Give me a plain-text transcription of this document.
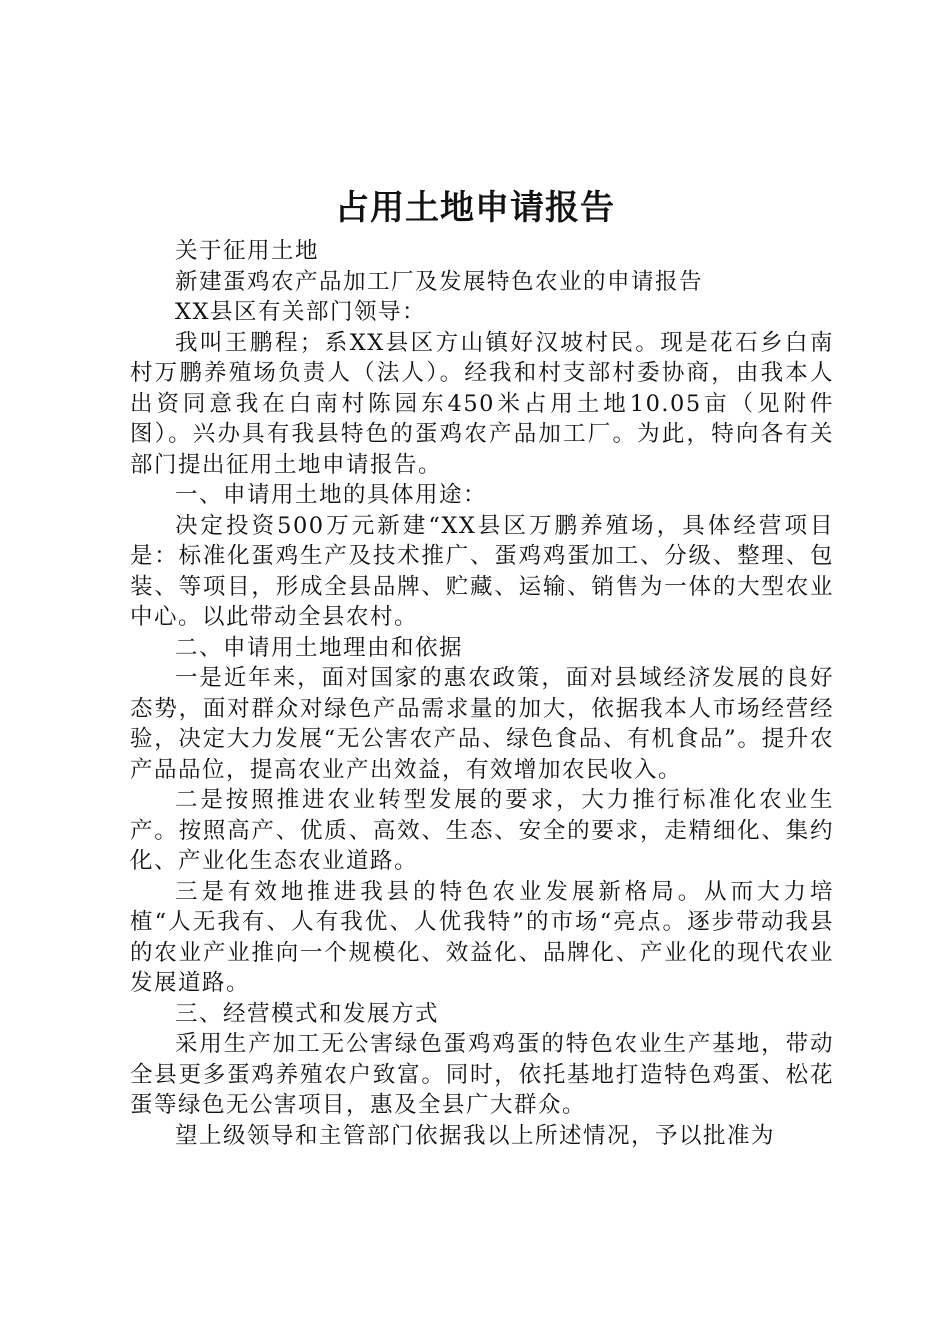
占用土地申请报告

关于征用土地

新建蛋鸡农产品加工厂及发展特色农业的申请报告

XX县区有关部门领导：

我叫王鹏程；系XX县区方山镇好汉坡村民。现是花石乡白南村万鹏养殖场负责人（法人）。经我和村支部村委协商，由我本人出资同意我在白南村陈园东450米占用土地10.05亩（见附件图）。兴办具有我县特色的蛋鸡农产品加工厂。为此，特向各有关部门提出征用土地申请报告。

一、申请用土地的具体用途：

决定投资500万元新建“XX县区万鹏养殖场，具体经营项目是：标准化蛋鸡生产及技术推广、蛋鸡鸡蛋加工、分级、整理、包装、等项目，形成全县品牌、贮藏、运输、销售为一体的大型农业中心。以此带动全县农村。

二、申请用土地理由和依据

一是近年来，面对国家的惠农政策，面对县域经济发展的良好态势，面对群众对绿色产品需求量的加大，依据我本人市场经营经验，决定大力发展“无公害农产品、绿色食品、有机食品”。提升农产品品位，提高农业产出效益，有效增加农民收入。

二是按照推进农业转型发展的要求，大力推行标准化农业生产。按照高产、优质、高效、生态、安全的要求，走精细化、集约化、产业化生态农业道路。

三是有效地推进我县的特色农业发展新格局。从而大力培植“人无我有、人有我优、人优我特”的市场“亮点。逐步带动我县的农业产业推向一个规模化、效益化、品牌化、产业化的现代农业发展道路。

三、经营模式和发展方式

采用生产加工无公害绿色蛋鸡鸡蛋的特色农业生产基地，带动全县更多蛋鸡养殖农户致富。同时，依托基地打造特色鸡蛋、松花蛋等绿色无公害项目，惠及全县广大群众。

望上级领导和主管部门依据我以上所述情况，予以批准为
